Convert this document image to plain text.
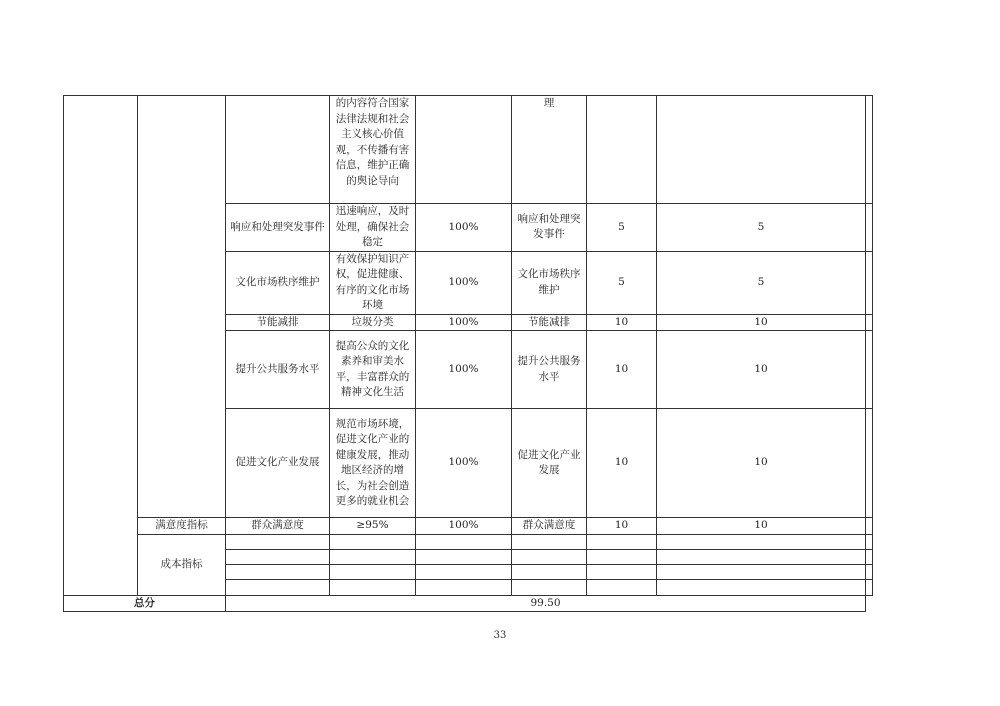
			的内容符合国家法律法规和社会主义核心价值观，不传播有害信息，维护正确的舆论导向		理			
		响应和处理突发事件	迅速响应，及时处理，确保社会稳定	100%	响应和处理突发事件	5	5	
		文化市场秩序维护	有效保护知识产权，促进健康、有序的文化市场环境	100%	文化市场秩序维护	5	5	
		节能减排	垃圾分类	100%	节能减排	10	10	
		提升公共服务水平	提高公众的文化素养和审美水平，丰富群众的精神文化生活	100%	提升公共服务水平	10	10	
		促进文化产业发展	规范市场环境，促进文化产业的健康发展，推动地区经济的增长，为社会创造更多的就业机会	100%	促进文化产业发展	10	10	
	满意度指标	群众满意度	≥95%	100%	群众满意度	10	10	
	成本指标							

总分		99.50						
33
